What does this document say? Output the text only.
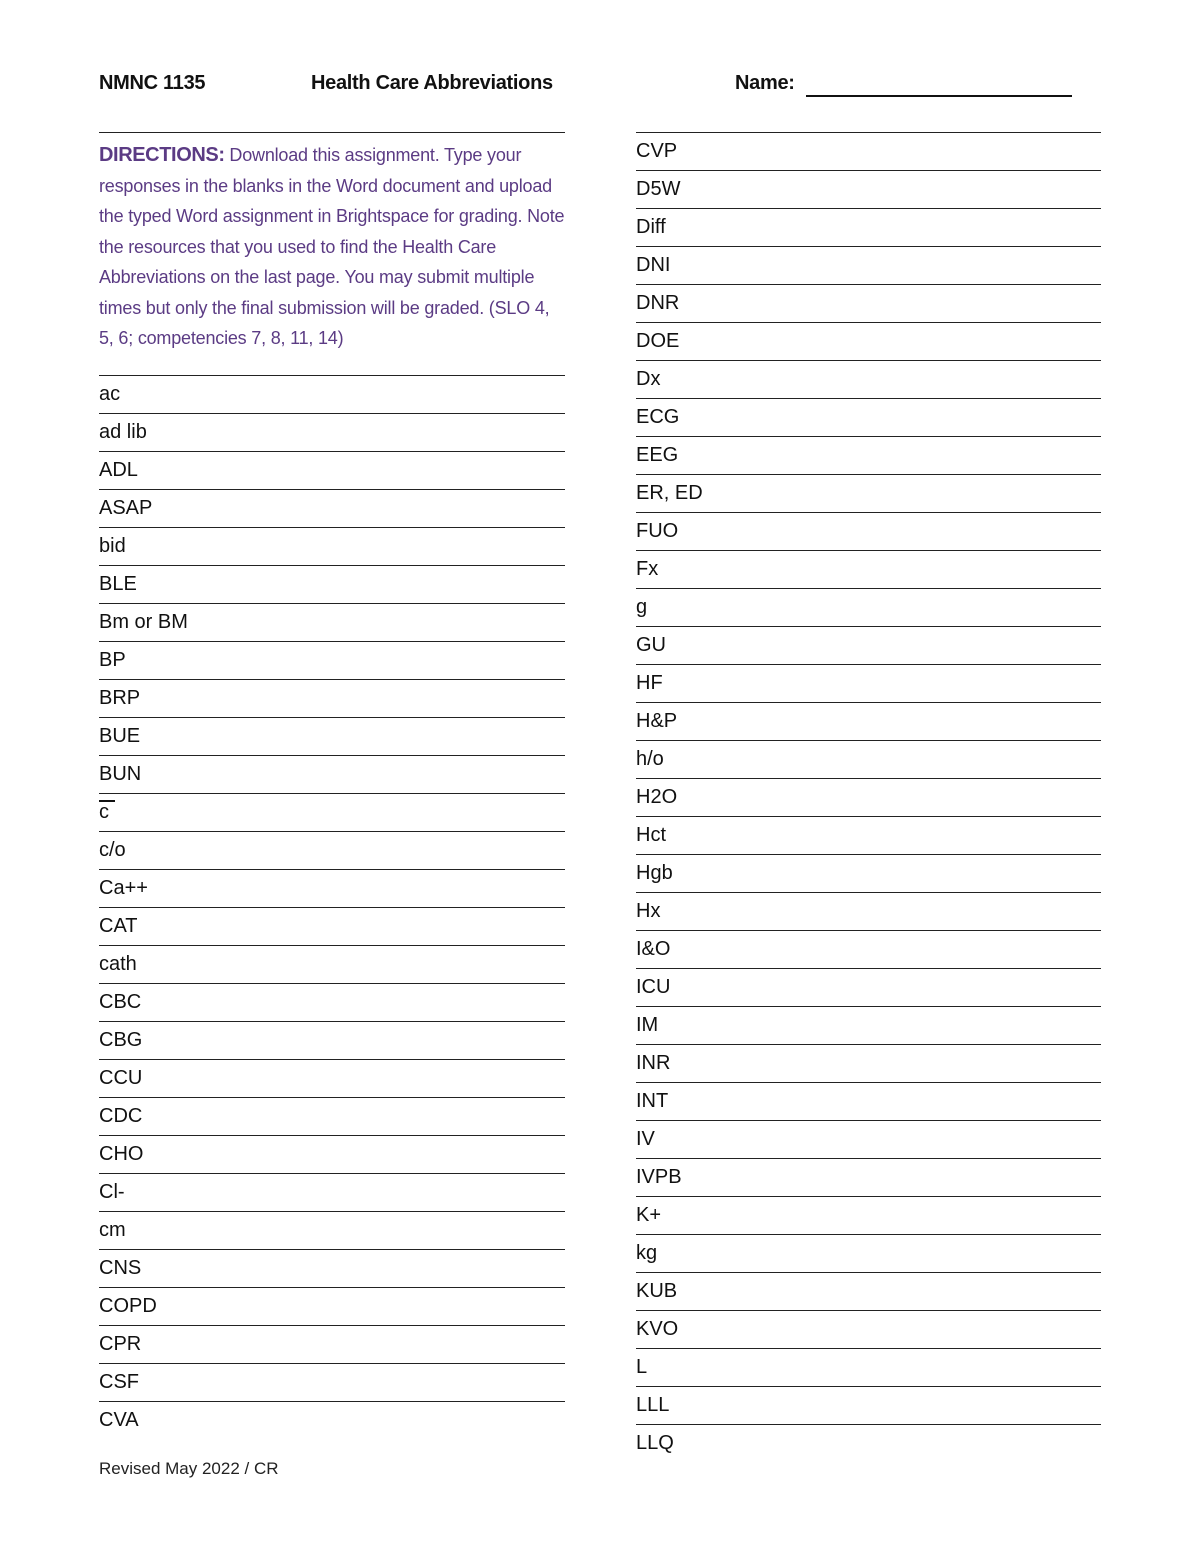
NMNC 1135	Health Care Abbreviations	Name:
DIRECTIONS: Download this assignment. Type your responses in the blanks in the Word document and upload the typed Word assignment in Brightspace for grading. Note the resources that you used to find the Health Care Abbreviations on the last page. You may submit multiple times but only the final submission will be graded. (SLO 4, 5, 6; competencies 7, 8, 11, 14)
ac
ad lib
ADL
ASAP
bid
BLE
Bm or BM
BP
BRP
BUE
BUN
c
c/o
Ca++
CAT
cath
CBC
CBG
CCU
CDC
CHO
Cl-
cm
CNS
COPD
CPR
CSF
CVA
CVP
D5W
Diff
DNI
DNR
DOE
Dx
ECG
EEG
ER, ED
FUO
Fx
g
GU
HF
H&P
h/o
H2O
Hct
Hgb
Hx
I&O
ICU
IM
INR
INT
IV
IVPB
K+
kg
KUB
KVO
L
LLL
LLQ
Revised May 2022 / CR
